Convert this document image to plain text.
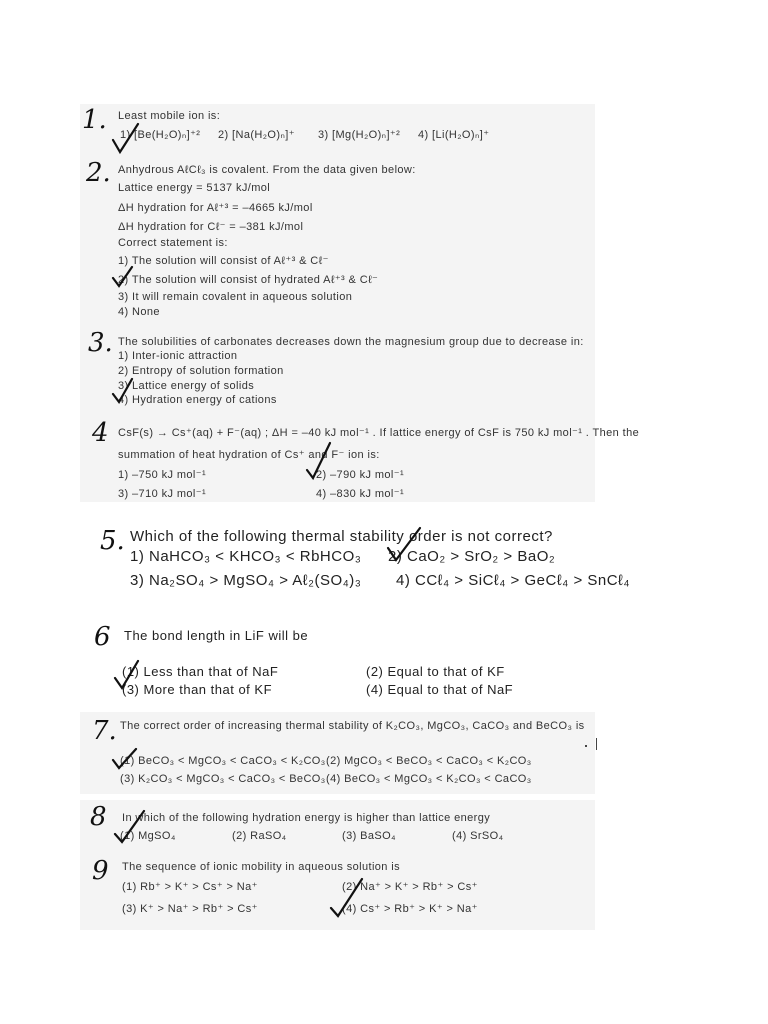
1. Least mobile ion is:
1) [Be(H₂O)ₙ]⁺² 2) [Na(H₂O)ₙ]⁺ 3) [Mg(H₂O)ₙ]⁺² 4) [Li(H₂O)ₙ]⁺
2. Anhydrous AℓCℓ₃ is covalent. From the data given below:
Lattice energy = 5137 kJ/mol
ΔH hydration for Aℓ⁺³ = –4665 kJ/mol
ΔH hydration for Cℓ⁻ = –381 kJ/mol
Correct statement is:
1) The solution will consist of Aℓ⁺³ & Cℓ⁻
2) The solution will consist of hydrated Aℓ⁺³ & Cℓ⁻
3) It will remain covalent in aqueous solution
4) None
3. The solubilities of carbonates decreases down the magnesium group due to decrease in:
1) Inter-ionic attraction
2) Entropy of solution formation
3) Lattice energy of solids
4) Hydration energy of cations
4 CsF(s) → Cs⁺(aq) + F⁻(aq) ; ΔH = –40 kJ mol⁻¹ . If lattice energy of CsF is 750 kJ mol⁻¹ . Then the
summation of heat hydration of Cs⁺ and F⁻ ion is:
1) –750 kJ mol⁻¹	2) –790 kJ mol⁻¹
3) –710 kJ mol⁻¹	4) –830 kJ mol⁻¹
5. Which of the following thermal stability order is not correct?
1) NaHCO₃ < KHCO₃ < RbHCO₃ 2) CaO₂ > SrO₂ > BaO₂
3) Na₂SO₄ > MgSO₄ > Aℓ₂(SO₄)₃ 4) CCℓ₄ > SiCℓ₄ > GeCℓ₄ > SnCℓ₄
6 The bond length in LiF will be
(1) Less than that of NaF	(2) Equal to that of KF
(3) More than that of KF	(4) Equal to that of NaF
7. The correct order of increasing thermal stability of K₂CO₃, MgCO₃, CaCO₃ and BeCO₃ is
(1) BeCO₃ < MgCO₃ < CaCO₃ < K₂CO₃ (2) MgCO₃ < BeCO₃ < CaCO₃ < K₂CO₃
(3) K₂CO₃ < MgCO₃ < CaCO₃ < BeCO₃ (4) BeCO₃ < MgCO₃ < K₂CO₃ < CaCO₃
8 In which of the following hydration energy is higher than lattice energy
(1) MgSO₄	(2) RaSO₄	(3) BaSO₄	(4) SrSO₄
9 The sequence of ionic mobility in aqueous solution is
(1) Rb⁺ > K⁺ > Cs⁺ > Na⁺	(2) Na⁺ > K⁺ > Rb⁺ > Cs⁺
(3) K⁺ > Na⁺ > Rb⁺ > Cs⁺	(4) Cs⁺ > Rb⁺ > K⁺ > Na⁺
